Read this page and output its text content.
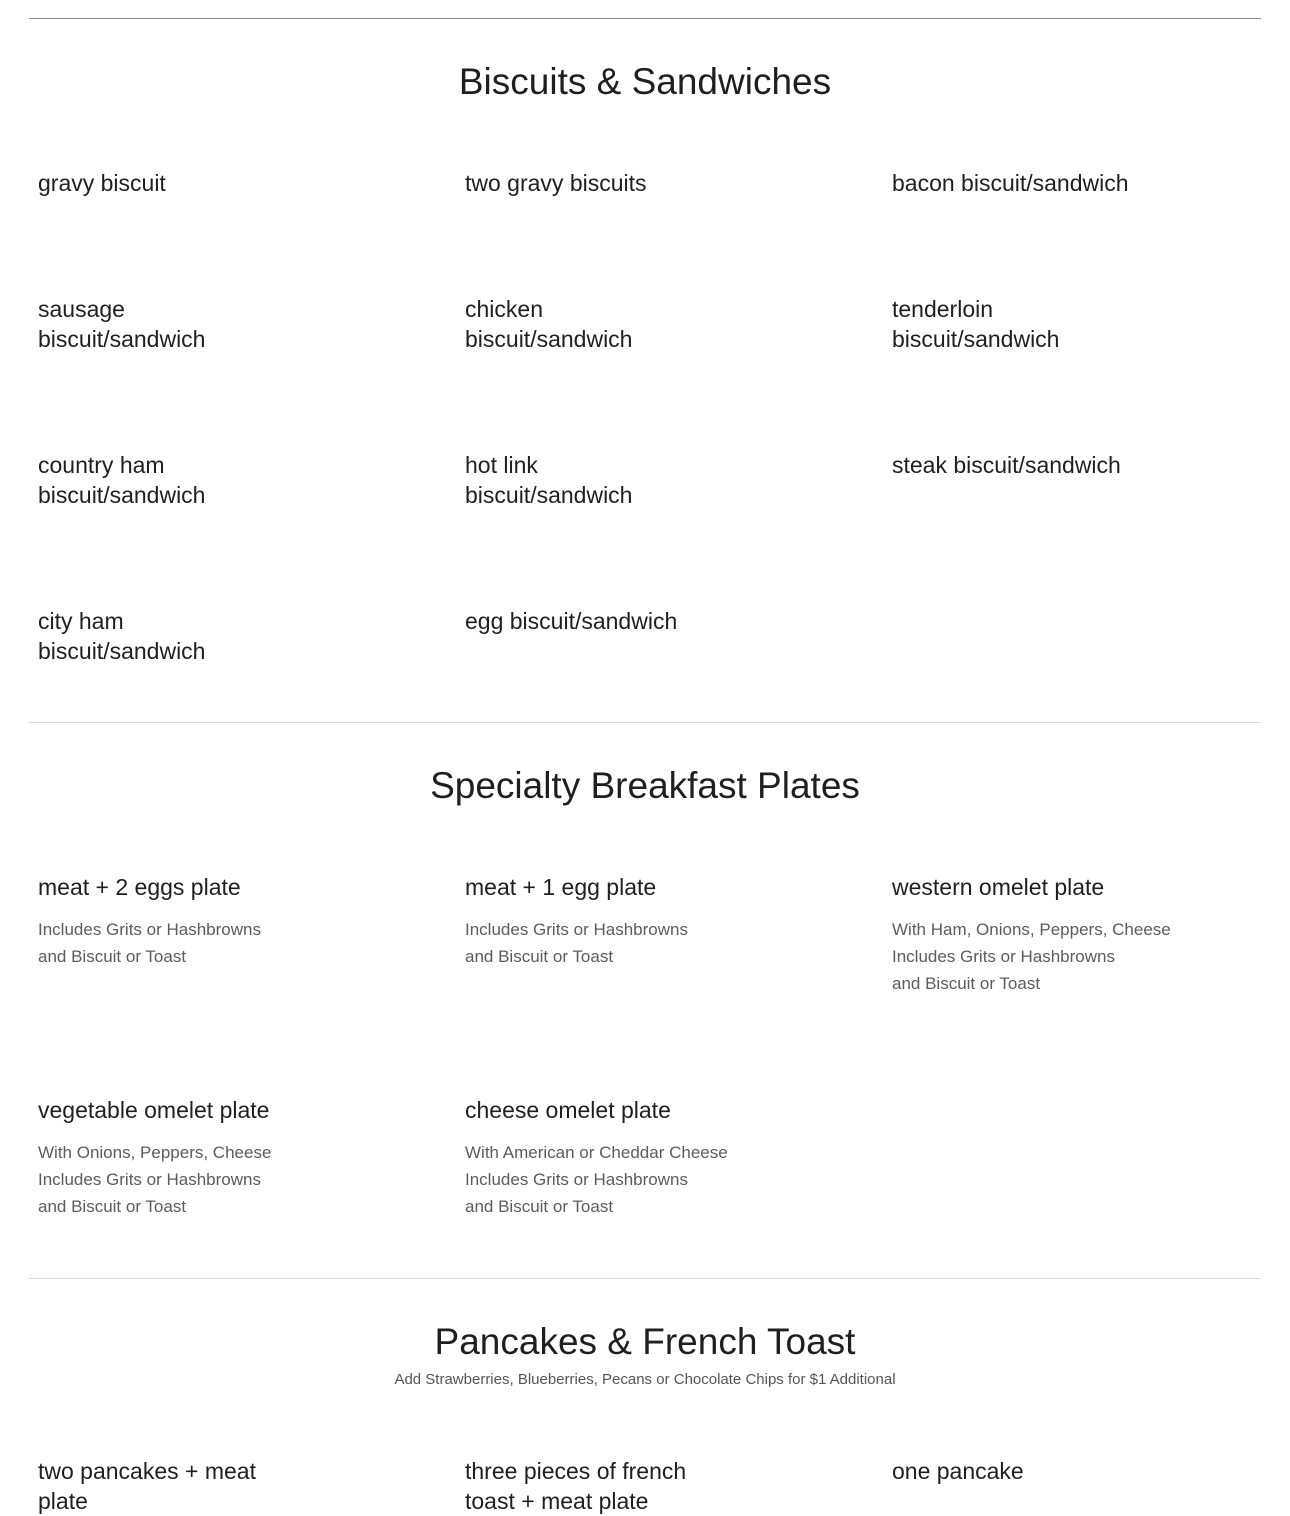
Biscuits & Sandwiches

gravy biscuit	two gravy biscuits	bacon biscuit/sandwich

sausage biscuit/sandwich

chicken biscuit/sandwich

tenderloin biscuit/sandwich

country ham biscuit/sandwich

hot link biscuit/sandwich

steak biscuit/sandwich

city ham biscuit/sandwich

egg biscuit/sandwich

Specialty Breakfast Plates

meat + 2 eggs plate

Includes Grits or Hashbrowns
and Biscuit or Toast

meat + 1 egg plate

Includes Grits or Hashbrowns
and Biscuit or Toast

western omelet plate

With Ham, Onions, Peppers, Cheese
Includes Grits or Hashbrowns
and Biscuit or Toast

vegetable omelet plate

With Onions, Peppers, Cheese
Includes Grits or Hashbrowns
and Biscuit or Toast

cheese omelet plate

With American or Cheddar Cheese
Includes Grits or Hashbrowns
and Biscuit or Toast
Pancakes & French Toast

Add Strawberries, Blueberries, Pecans or Chocolate Chips for $1 Additional

two pancakes + meat plate

three pieces of french toast + meat plate

one pancake
